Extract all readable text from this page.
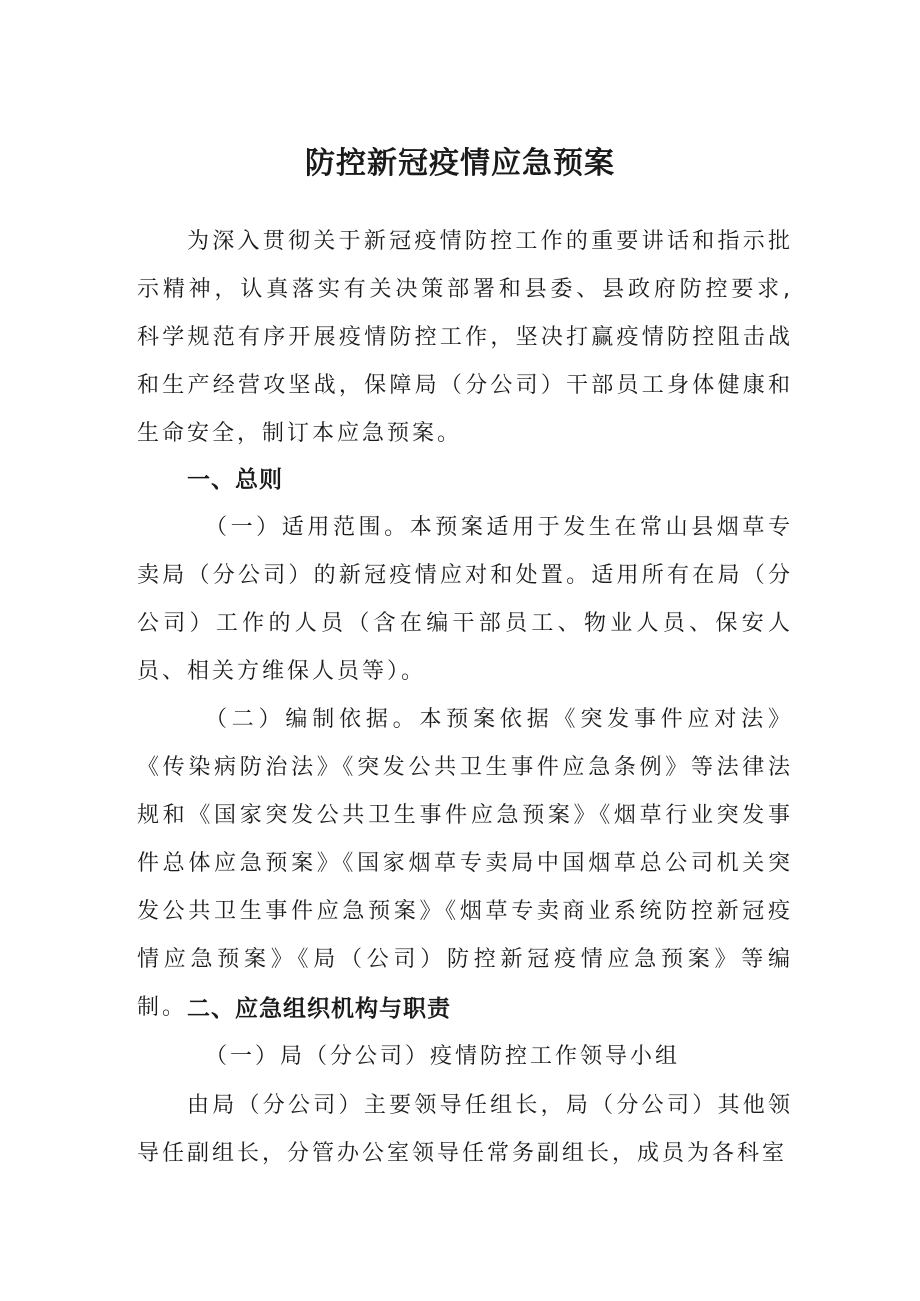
防控新冠疫情应急预案
为深入贯彻关于新冠疫情防控工作的重要讲话和指示批示精神，认真落实有关决策部署和县委、县政府防控要求,科学规范有序开展疫情防控工作，坚决打赢疫情防控阻击战和生产经营攻坚战，保障局（分公司）干部员工身体健康和生命安全，制订本应急预案。
一、总则
（一）适用范围。本预案适用于发生在常山县烟草专卖局（分公司）的新冠疫情应对和处置。适用所有在局（分公司）工作的人员（含在编干部员工、物业人员、保安人员、相关方维保人员等）。
（二）编制依据。本预案依据《突发事件应对法》《传染病防治法》《突发公共卫生事件应急条例》等法律法规和《国家突发公共卫生事件应急预案》《烟草行业突发事件总体应急预案》《国家烟草专卖局中国烟草总公司机关突发公共卫生事件应急预案》《烟草专卖商业系统防控新冠疫情应急预案》《局（公司）防控新冠疫情应急预案》等编制。 二、应急组织机构与职责
（一）局（分公司）疫情防控工作领导小组
由局（分公司）主要领导任组长，局（分公司）其他领导任副组长，分管办公室领导任常务副组长，成员为各科室
